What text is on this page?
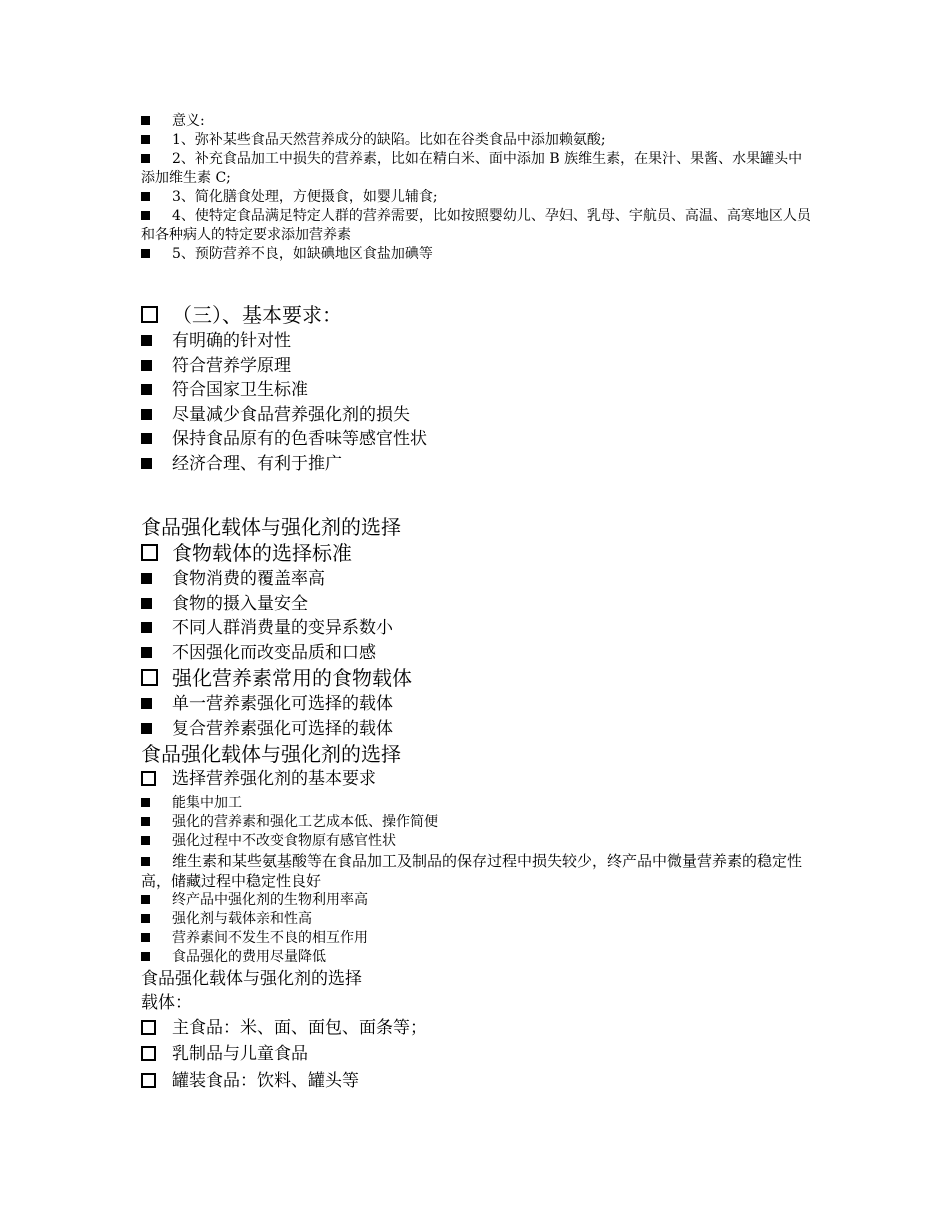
意义:
1、弥补某些食品天然营养成分的缺陷。比如在谷类食品中添加赖氨酸;
2、补充食品加工中损失的营养素，比如在精白米、面中添加 B 族维生素，在果汁、果酱、水果罐头中添加维生素 C;
3、简化膳食处理，方便摄食，如婴儿辅食;
4、使特定食品满足特定人群的营养需要，比如按照婴幼儿、孕妇、乳母、宇航员、高温、高寒地区人员和各种病人的特定要求添加营养素
5、预防营养不良，如缺碘地区食盐加碘等
（三）、基本要求：
有明确的针对性
符合营养学原理
符合国家卫生标准
尽量减少食品营养强化剂的损失
保持食品原有的色香味等感官性状
经济合理、有利于推广
食品强化载体与强化剂的选择
食物载体的选择标准
食物消费的覆盖率高
食物的摄入量安全
不同人群消费量的变异系数小
不因强化而改变品质和口感
强化营养素常用的食物载体
单一营养素强化可选择的载体
复合营养素强化可选择的载体
食品强化载体与强化剂的选择
选择营养强化剂的基本要求
能集中加工
强化的营养素和强化工艺成本低、操作简便
强化过程中不改变食物原有感官性状
维生素和某些氨基酸等在食品加工及制品的保存过程中损失较少，终产品中微量营养素的稳定性高，储藏过程中稳定性良好
终产品中强化剂的生物利用率高
强化剂与载体亲和性高
营养素间不发生不良的相互作用
食品强化的费用尽量降低
食品强化载体与强化剂的选择
载体：
主食品：米、面、面包、面条等；
乳制品与儿童食品
罐装食品：饮料、罐头等
